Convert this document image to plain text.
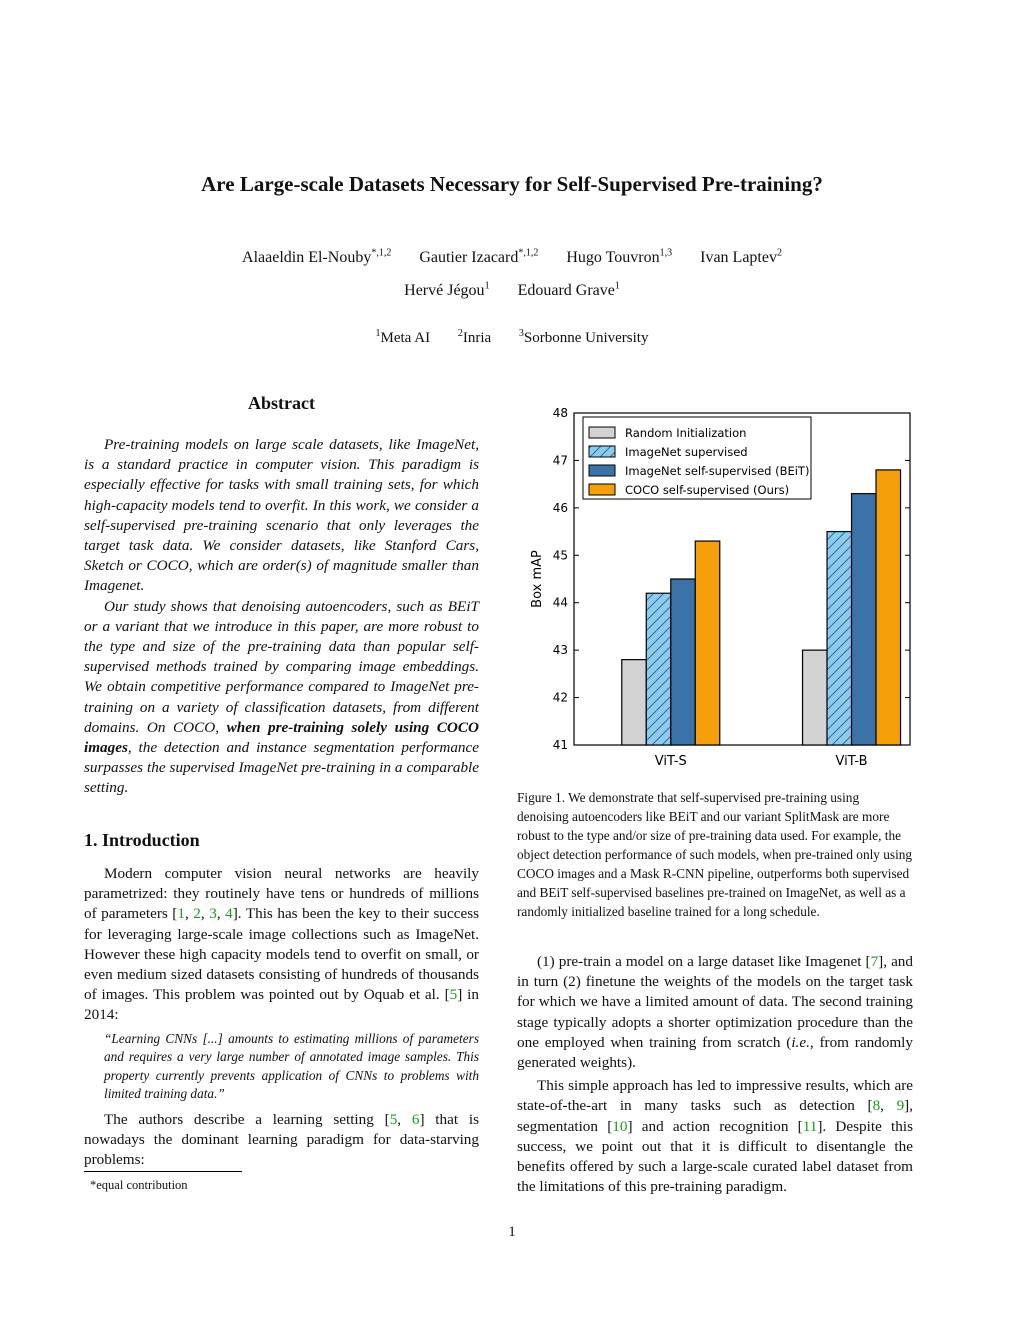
Are Large-scale Datasets Necessary for Self-Supervised Pre-training?
Alaaeldin El-Nouby$^{*,1,2}$ Gautier Izacard$^{*,1,2}$ Hugo Touvron$^{1,3}$ Ivan Laptev$^2$
Hervé Jégou$^1$ Edouard Grave$^1$
$^1$Meta AI	$^2$Inria	$^3$Sorbonne University
Abstract

Pre-training models on large scale datasets, like ImageNet, is a standard practice in computer vision. This paradigm is especially effective for tasks with small training sets, for which high-capacity models tend to overfit. In this work, we consider a self-supervised pre-training scenario that only leverages the target task data. We consider datasets, like Stanford Cars, Sketch or COCO, which are order(s) of magnitude smaller than Imagenet.

Our study shows that denoising autoencoders, such as BEiT or a variant that we introduce in this paper, are more robust to the type and size of the pre-training data than popular self-supervised methods trained by comparing image embeddings. We obtain competitive performance compared to ImageNet pre-training on a variety of classification datasets, from different domains. On COCO, when pre-training solely using COCO images, the detection and instance segmentation performance surpasses the supervised ImageNet pre-training in a comparable setting.

1. Introduction

Modern computer vision neural networks are heavily parametrized: they routinely have tens or hundreds of millions of parameters [1, 2, 3, 4]. This has been the key to their success for leveraging large-scale image collections such as ImageNet. However these high capacity models tend to overfit on small, or even medium sized datasets consisting of hundreds of thousands of images. This problem was pointed out by Oquab et al. [5] in 2014:

“Learning CNNs [...] amounts to estimating millions of parameters and requires a very large number of annotated image samples. This property currently prevents application of CNNs to problems with limited training data.”

The authors describe a learning setting [5, 6] that is nowadays the dominant learning paradigm for data-starving problems:

*equal contribution
41
42
43
44
45
46
47
48
Box mAP
ViT-S	ViT-B
Random Initialization
ImageNet supervised
ImageNet self-supervised (BEiT)
COCO self-supervised (Ours)
Figure 1. We demonstrate that self-supervised pre-training using denoising autoencoders like BEiT and our variant SplitMask are more robust to the type and/or size of pre-training data used. For example, the object detection performance of such models, when pre-trained only using COCO images and a Mask R-CNN pipeline, outperforms both supervised and BEiT self-supervised baselines pre-trained on ImageNet, as well as a randomly initialized baseline trained for a long schedule.

(1) pre-train a model on a large dataset like Imagenet [7], and in turn (2) finetune the weights of the models on the target task for which we have a limited amount of data. The second training stage typically adopts a shorter optimization procedure than the one employed when training from scratch (i.e., from randomly generated weights).

This simple approach has led to impressive results, which are state-of-the-art in many tasks such as detection [8, 9], segmentation [10] and action recognition [11]. Despite this success, we point out that it is difficult to disentangle the benefits offered by such a large-scale curated label dataset from the limitations of this pre-training paradigm.

1
